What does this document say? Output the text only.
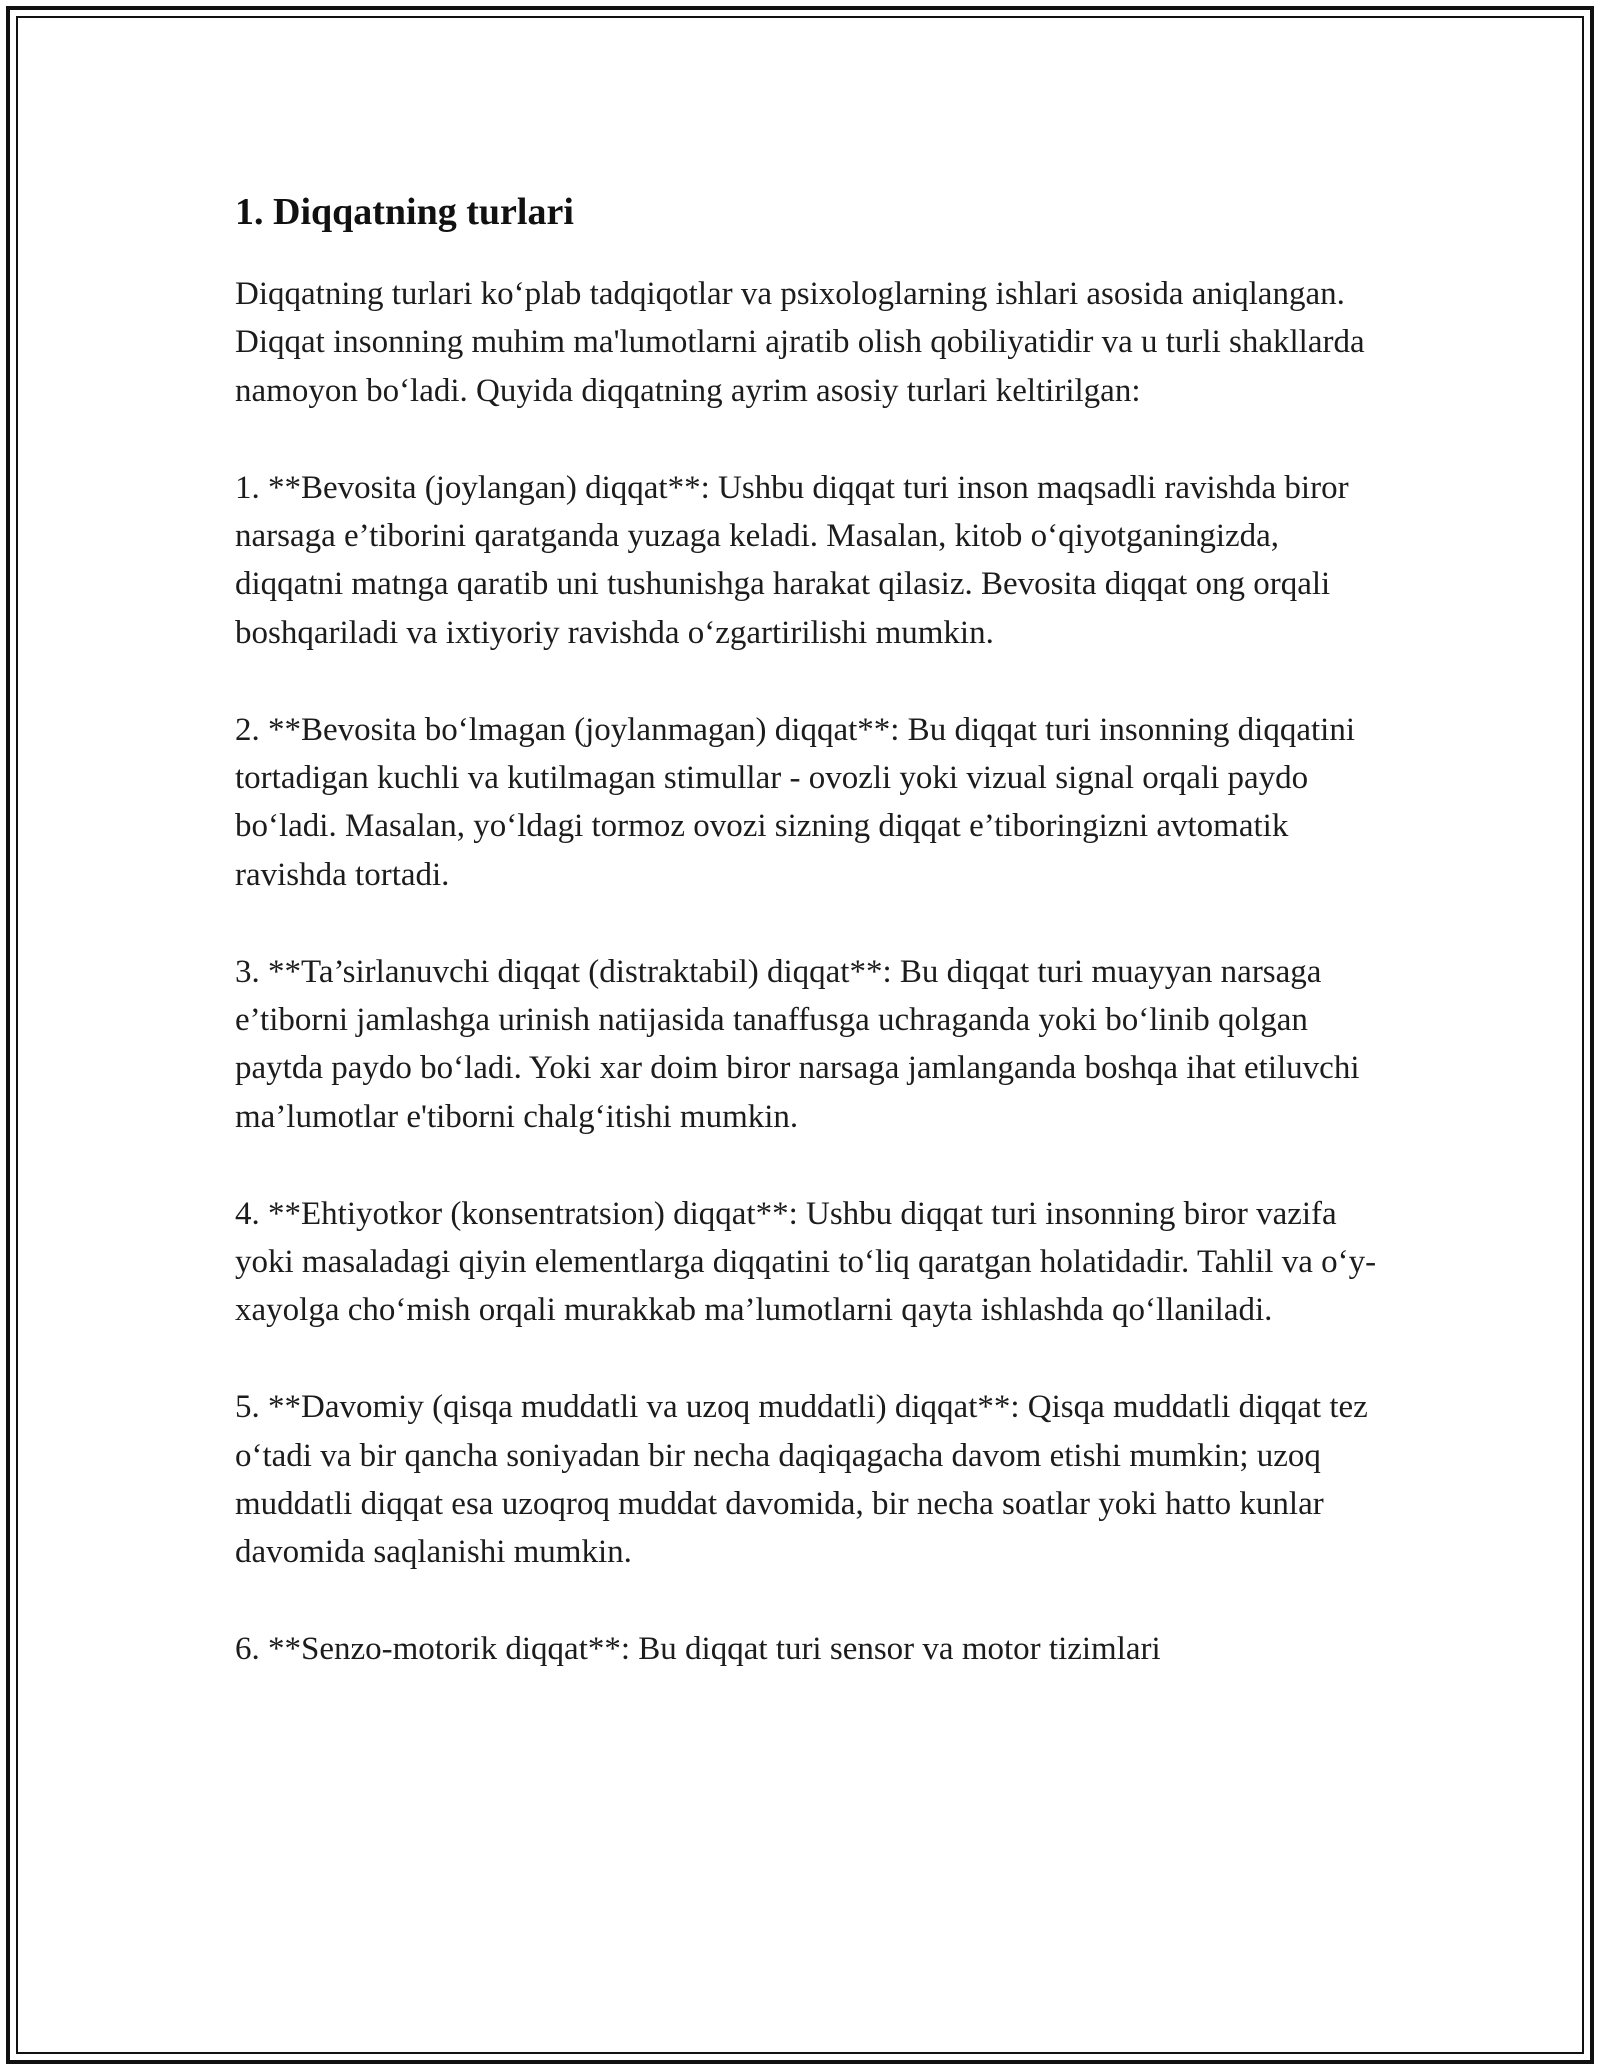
1. Diqqatning turlari

Diqqatning turlari ko‘plab tadqiqotlar va psixologlarning ishlari asosida aniqlangan. Diqqat insonning muhim ma'lumotlarni ajratib olish qobiliyatidir va u turli shakllarda namoyon bo‘ladi. Quyida diqqatning ayrim asosiy turlari keltirilgan:

1. **Bevosita (joylangan) diqqat**: Ushbu diqqat turi inson maqsadli ravishda biror narsaga e’tiborini qaratganda yuzaga keladi. Masalan, kitob o‘qiyotganingizda, diqqatni matnga qaratib uni tushunishga harakat qilasiz. Bevosita diqqat ong orqali boshqariladi va ixtiyoriy ravishda o‘zgartirilishi mumkin.

2. **Bevosita bo‘lmagan (joylanmagan) diqqat**: Bu diqqat turi insonning diqqatini tortadigan kuchli va kutilmagan stimullar - ovozli yoki vizual signal orqali paydo bo‘ladi. Masalan, yo‘ldagi tormoz ovozi sizning diqqat e’tiboringizni avtomatik ravishda tortadi.

3. **Ta’sirlanuvchi diqqat (distraktabil) diqqat**: Bu diqqat turi muayyan narsaga e’tiborni jamlashga urinish natijasida tanaffusga uchraganda yoki bo‘linib qolgan paytda paydo bo‘ladi. Yoki xar doim biror narsaga jamlanganda boshqa ihat etiluvchi ma’lumotlar e'tiborni chalg‘itishi mumkin.

4. **Ehtiyotkor (konsentratsion) diqqat**: Ushbu diqqat turi insonning biror vazifa yoki masaladagi qiyin elementlarga diqqatini to‘liq qaratgan holatidadir. Tahlil va o‘y-xayolga cho‘mish orqali murakkab ma’lumotlarni qayta ishlashda qo‘llaniladi.

5. **Davomiy (qisqa muddatli va uzoq muddatli) diqqat**: Qisqa muddatli diqqat tez o‘tadi va bir qancha soniyadan bir necha daqiqagacha davom etishi mumkin; uzoq muddatli diqqat esa uzoqroq muddat davomida, bir necha soatlar yoki hatto kunlar davomida saqlanishi mumkin.

6. **Senzo-motorik diqqat**: Bu diqqat turi sensor va motor tizimlari
